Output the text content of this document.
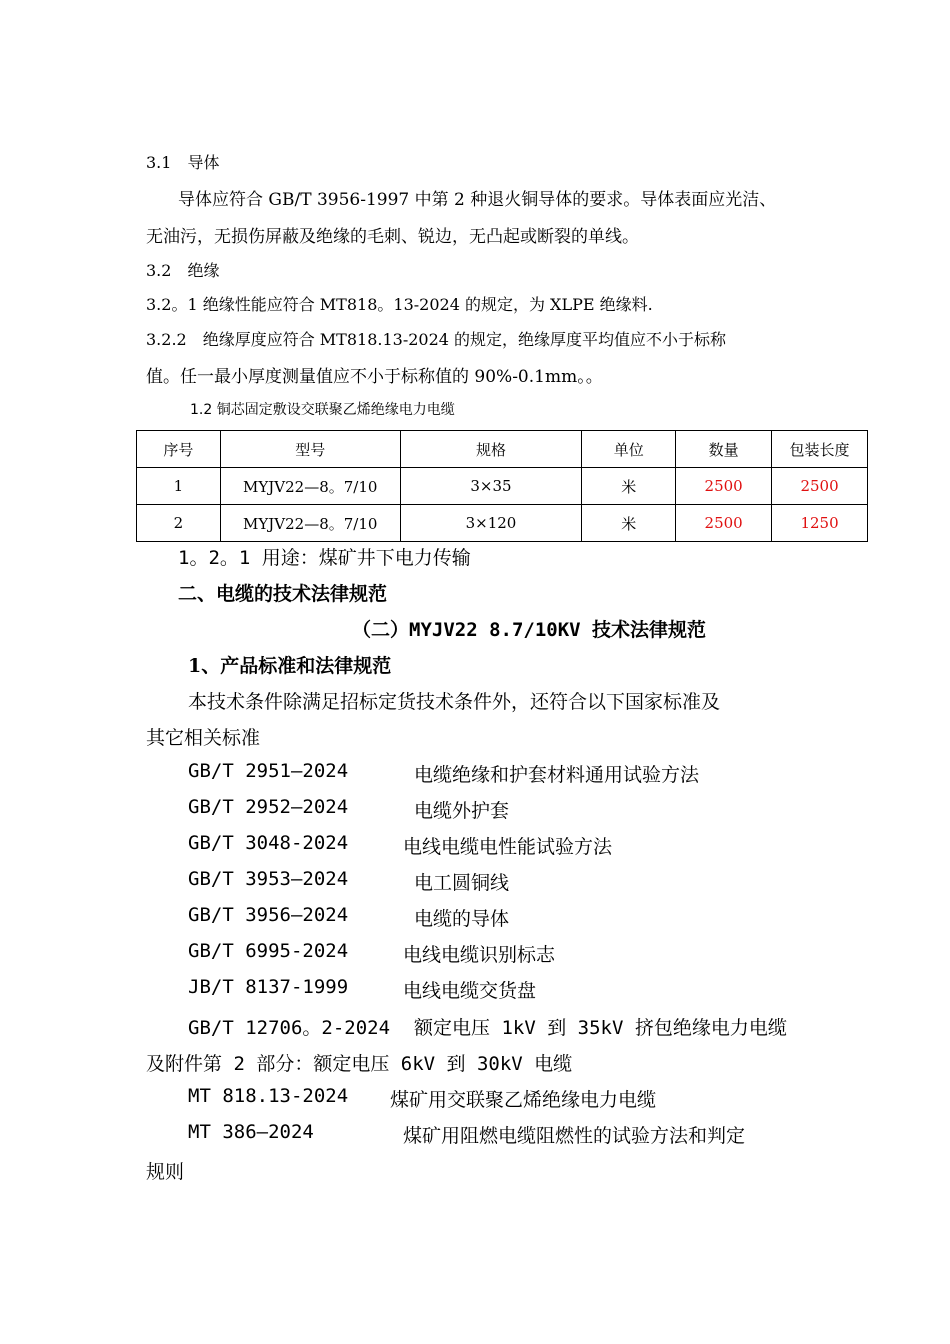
3.1　导体
导体应符合 GB/T 3956-1997 中第 2 种退火铜导体的要求。导体表面应光洁、
无油污，无损伤屏蔽及绝缘的毛刺、锐边，无凸起或断裂的单线。
3.2　绝缘
3.2。1 绝缘性能应符合 MT818。13-2024 的规定，为 XLPE 绝缘料.
3.2.2　绝缘厚度应符合 MT818.13-2024 的规定，绝缘厚度平均值应不小于标称
值。任一最小厚度测量值应不小于标称值的 90%-0.1mm。。
1.2 铜芯固定敷设交联聚乙烯绝缘电力电缆
序号	型号	规格	单位	数量	包装长度
1	MYJV22—8。7/10	3×35	米	2500	2500
2	MYJV22—8。7/10	3×120	米	2500	1250
1。2。1 用途：煤矿井下电力传输
二、电缆的技术法律规范
（二）MYJV22 8.7/10KV 技术法律规范
1、产品标准和法律规范
本技术条件除满足招标定货技术条件外，还符合以下国家标准及
其它相关标准
GB/T 2951—2024	电缆绝缘和护套材料通用试验方法
GB/T 2952—2024	电缆外护套
GB/T 3048-2024	电线电缆电性能试验方法
GB/T 3953—2024	电工圆铜线
GB/T 3956—2024	电缆的导体
GB/T 6995-2024	电线电缆识别标志
JB/T 8137-1999	电线电缆交货盘
GB/T 12706。2-2024 额定电压 1kV 到 35kV 挤包绝缘电力电缆
及附件第 2 部分：额定电压 6kV 到 30kV 电缆
MT 818.13-2024 煤矿用交联聚乙烯绝缘电力电缆
MT 386—2024	煤矿用阻燃电缆阻燃性的试验方法和判定
规则
